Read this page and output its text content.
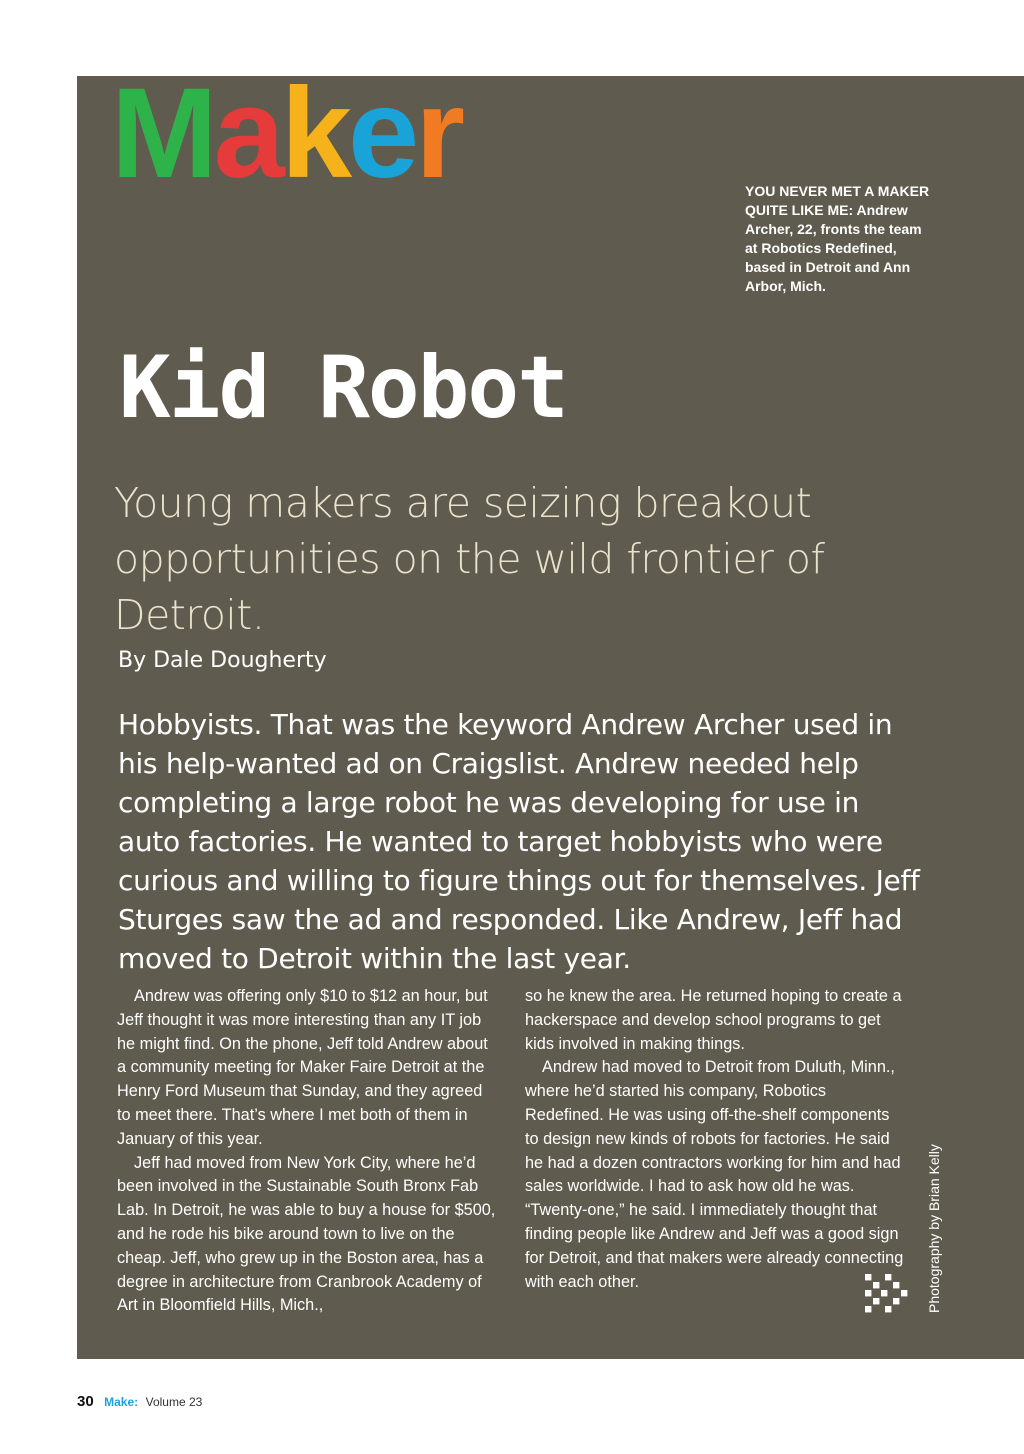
Maker	YOU NEVER MET A MAKER QUITE LIKE ME: Andrew Archer, 22, fronts the team at Robotics Redefined, based in Detroit and Ann Arbor, Mich.
Kid Robot
Young makers are seizing breakout opportunities on the wild frontier of Detroit.
By Dale Dougherty
Hobbyists. That was the keyword Andrew Archer used in his help-wanted ad on Craigslist. Andrew needed help completing a large robot he was developing for use in auto factories. He wanted to target hobbyists who were curious and willing to figure things out for themselves. Jeff Sturges saw the ad and responded. Like Andrew, Jeff had moved to Detroit within the last year.

Andrew was offering only $10 to $12 an hour, but Jeff thought it was more interesting than any IT job he might find. On the phone, Jeff told Andrew about a community meeting for Maker Faire Detroit at the Henry Ford Museum that Sunday, and they agreed to meet there. That’s where I met both of them in January of this year.

Jeff had moved from New York City, where he’d been involved in the Sustainable South Bronx Fab Lab. In Detroit, he was able to buy a house for $500, and he rode his bike around town to live on the cheap. Jeff, who grew up in the Boston area, has a degree in architecture from Cranbrook Academy of Art in Bloomfield Hills, Mich.,

so he knew the area. He returned hoping to create a hackerspace and develop school programs to get kids involved in making things.

Andrew had moved to Detroit from Duluth, Minn., where he’d started his company, Robotics Redefined. He was using off-the-shelf components to design new kinds of robots for factories. He said he had a dozen contractors working for him and had sales worldwide. I had to ask how old he was. “Twenty-one,” he said. I immediately thought that finding people like Andrew and Jeff was a good sign for Detroit, and that makers were already connecting with each other.	Photography by Brian Kelly
30 Make: Volume 23
